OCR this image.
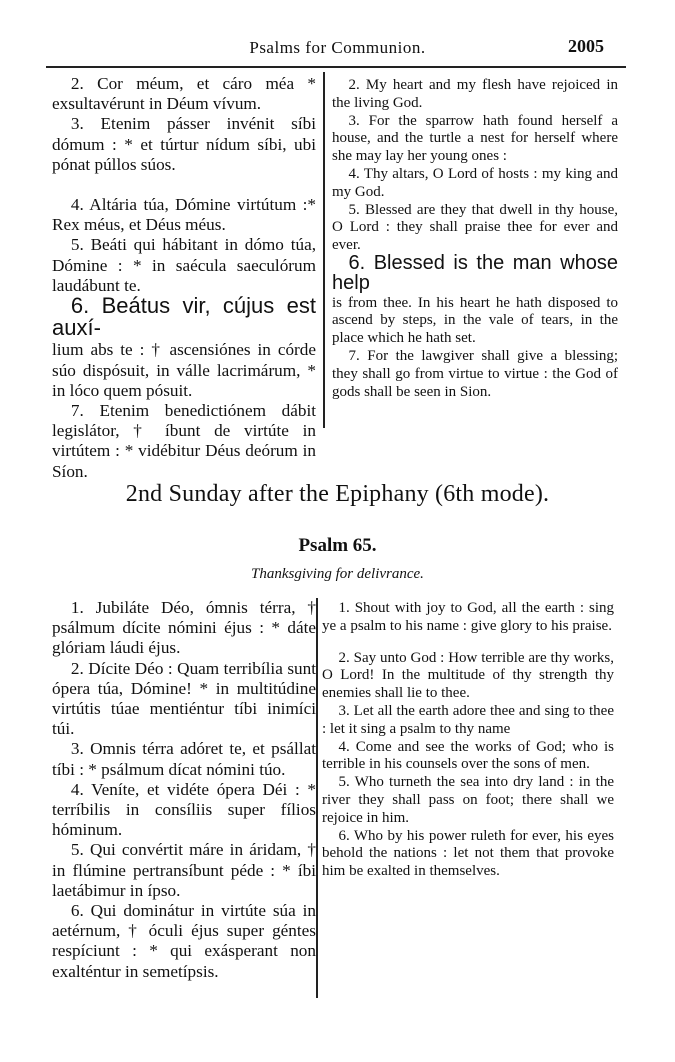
Psalms for Communion.	2005

2. Cor méum, et cáro méa * exsultavérunt in Déum vívum.

3. Etenim pásser invénit síbi dómum : * et túrtur nídum síbi, ubi pónat púllos súos.

4. Altária túa, Dómine virtútum :* Rex méus, et Déus méus.

5. Beáti qui hábitant in dómo túa, Dómine : * in saécula saeculórum laudábunt te.

6. Beátus vir, cújus est auxí-
lium abs te : † ascensiónes in córde súo dispósuit, in válle lacrimárum, * in lóco quem pósuit.

7. Etenim benedictiónem dábit legislátor, † íbunt de virtúte in virtútem : * vidébitur Déus deórum in Síon.

2. My heart and my flesh have rejoiced in the living God.

3. For the sparrow hath found herself a house, and the turtle a nest for herself where she may lay her young ones :

4. Thy altars, O Lord of hosts : my king and my God.

5. Blessed are they that dwell in thy house, O Lord : they shall praise thee for ever and ever.

6. Blessed is the man whose help
is from thee. In his heart he hath disposed to ascend by steps, in the vale of tears, in the place which he hath set.

7. For the lawgiver shall give a blessing; they shall go from virtue to virtue : the God of gods shall be seen in Sion.

2nd Sunday after the Epiphany (6th mode).
Psalm 65.
Thanksgiving for delivrance.

1. Jubiláte Déo, ómnis térra, † psálmum dícite nómini éjus : * dáte glóriam láudi éjus.

2. Dícite Déo : Quam terribília sunt ópera túa, Dómine! * in multitúdine virtútis túae mentiéntur tíbi inimíci túi.

3. Omnis térra adóret te, et psállat tíbi : * psálmum dícat nómini túo.

4. Veníte, et vidéte ópera Déi : * terríbilis in consíliis super fílios hóminum.

5. Qui convértit máre in áridam, † in flúmine pertransíbunt péde : * íbi laetábimur in ípso.

6. Qui dominátur in virtúte súa in aetérnum, † óculi éjus super géntes respíciunt : * qui exásperant non exalténtur in semetípsis.

1. Shout with joy to God, all the earth : sing ye a psalm to his name : give glory to his praise.

2. Say unto God : How terrible are thy works, O Lord! In the multitude of thy strength thy enemies shall lie to thee.

3. Let all the earth adore thee and sing to thee : let it sing a psalm to thy name

4. Come and see the works of God; who is terrible in his counsels over the sons of men.

5. Who turneth the sea into dry land : in the river they shall pass on foot; there shall we rejoice in him.

6. Who by his power ruleth for ever, his eyes behold the nations : let not them that provoke him be exalted in themselves.
